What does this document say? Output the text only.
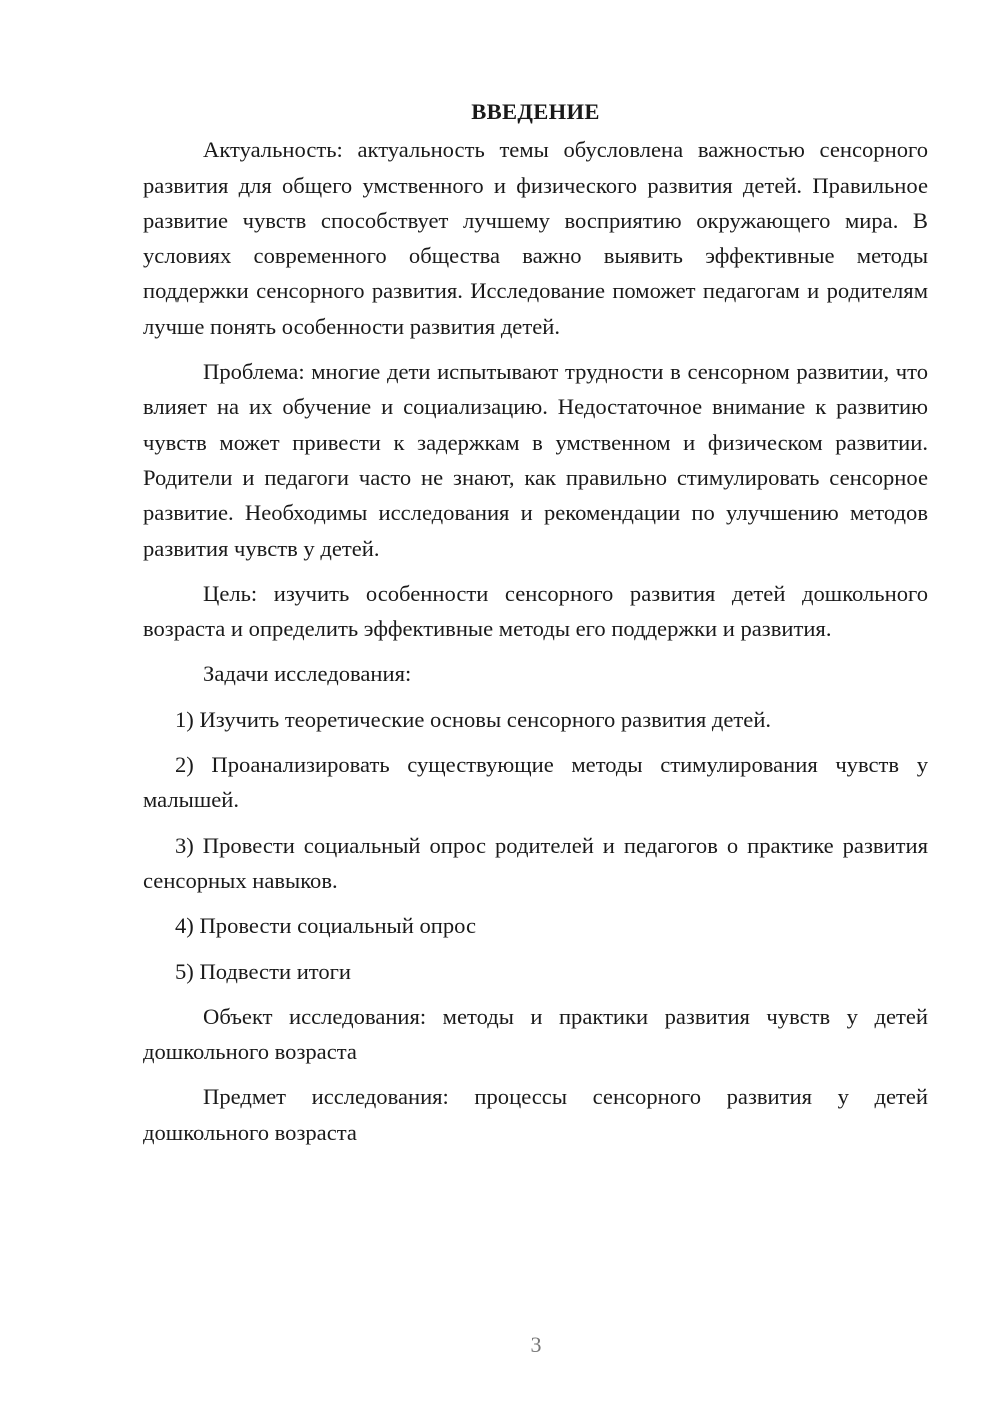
ВВЕДЕНИЕ

Актуальность: актуальность темы обусловлена важностью сенсорного развития для общего умственного и физического развития детей. Правильное развитие чувств способствует лучшему восприятию окружающего мира. В условиях современного общества важно выявить эффективные методы поддержки сенсорного развития. Исследование поможет педагогам и родителям лучше понять особенности развития детей.

Проблема: многие дети испытывают трудности в сенсорном развитии, что влияет на их обучение и социализацию. Недостаточное внимание к развитию чувств может привести к задержкам в умственном и физическом развитии. Родители и педагоги часто не знают, как правильно стимулировать сенсорное развитие. Необходимы исследования и рекомендации по улучшению методов развития чувств у детей.

Цель: изучить особенности сенсорного развития детей дошкольного возраста и определить эффективные методы его поддержки и развития.

Задачи исследования:

1) Изучить теоретические основы сенсорного развития детей.

2) Проанализировать существующие методы стимулирования чувств у малышей.

3) Провести социальный опрос родителей и педагогов о практике развития сенсорных навыков.

4) Провести социальный опрос

5) Подвести итоги

Объект исследования: методы и практики развития чувств у детей дошкольного возраста

Предмет исследования: процессы сенсорного развития у детей дошкольного возраста

3
